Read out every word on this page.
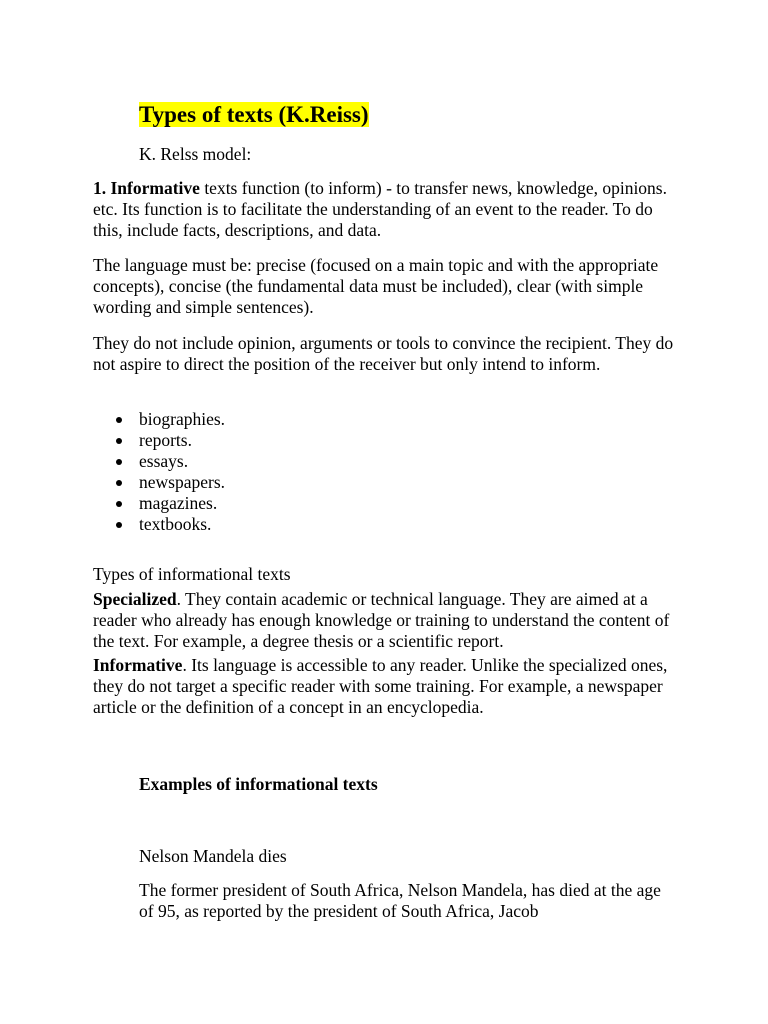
Types of texts (K.Reiss)

K. Relss model:

1. Informative texts function (to inform) - to transfer news, knowledge, opinions. etc. Its function is to facilitate the understanding of an event to the reader. To do this, include facts, descriptions, and data.

The language must be: precise (focused on a main topic and with the appropriate concepts), concise (the fundamental data must be included), clear (with simple wording and simple sentences).

They do not include opinion, arguments or tools to convince the recipient. They do not aspire to direct the position of the receiver but only intend to inform.

biographies.
reports.
essays.
newspapers.
magazines.
textbooks.

Types of informational texts

Specialized. They contain academic or technical language. They are aimed at a reader who already has enough knowledge or training to understand the content of the text. For example, a degree thesis or a scientific report.

Informative. Its language is accessible to any reader. Unlike the specialized ones, they do not target a specific reader with some training. For example, a newspaper article or the definition of a concept in an encyclopedia.

Examples of informational texts

Nelson Mandela dies

The former president of South Africa, Nelson Mandela, has died at the age of 95, as reported by the president of South Africa, Jacob
